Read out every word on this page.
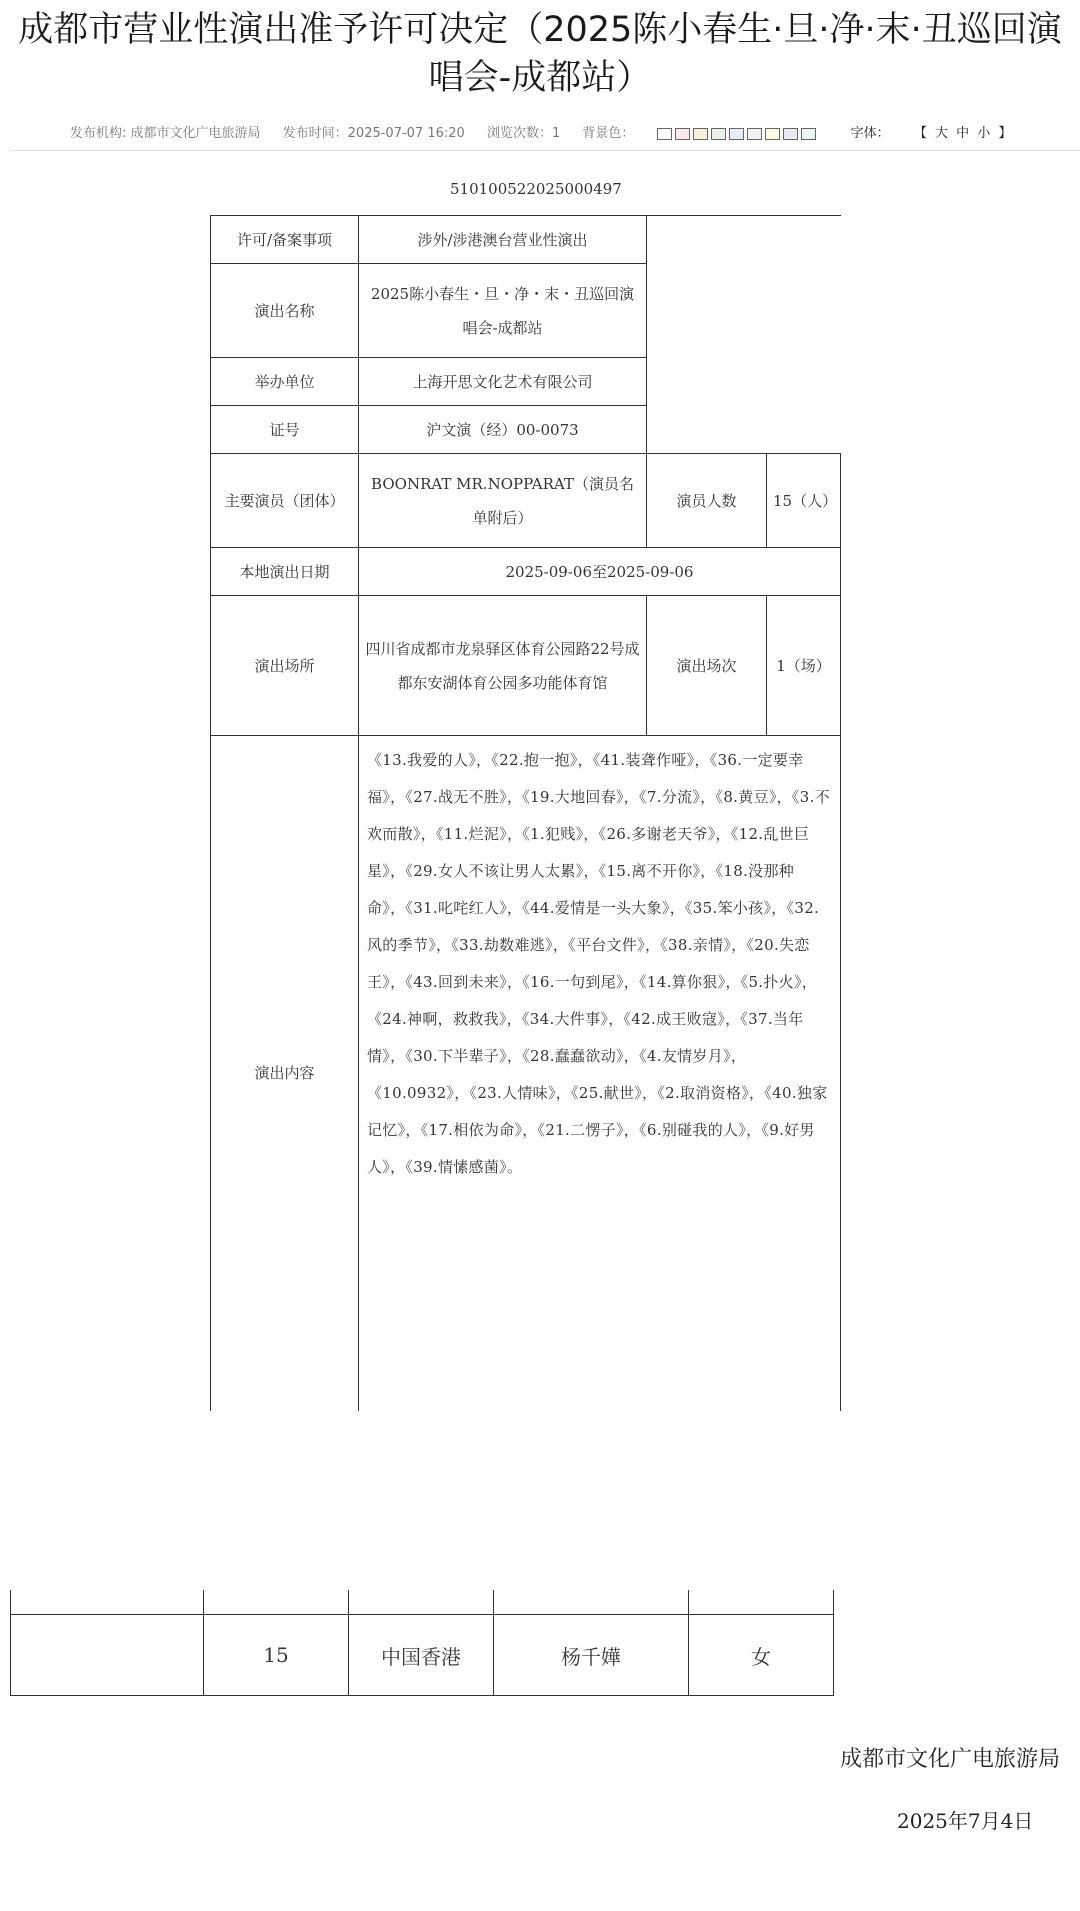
成都市营业性演出准予许可决定（2025陈小春生·旦·净·末·丑巡回演
唱会-成都站）
发布机构: 成都市文化广电旅游局 发布时间：2025-07-07 16:20 浏览次数：1 背景色：	字体： 【 大 中 小 】
510100522025000497
许可/备案事项	涉外/涉港澳台营业性演出		
演出名称	2025陈小春生・旦・净・末・丑巡回演唱会-成都站		
举办单位	上海开思文化艺术有限公司		
证号	沪文演（经）00-0073		
主要演员（团体）	BOONRAT MR.NOPPARAT（演员名单附后）	演员人数	15（人）
本地演出日期	2025-09-06至2025-09-06		
演出场所	四川省成都市龙泉驿区体育公园路22号成都东安湖体育公园多功能体育馆	演出场次	1（场）
演出内容	《13.我爱的人》，《22.抱一抱》，《41.装聋作哑》，《36.一定要幸福》，《27.战无不胜》，《19.大地回春》，《7.分流》，《8.黄豆》，《3.不欢而散》，《11.烂泥》，《1.犯贱》，《26.多谢老天爷》，《12.乱世巨星》，《29.女人不该让男人太累》，《15.离不开你》，《18.没那种命》，《31.叱咤红人》，《44.爱情是一头大象》，《35.笨小孩》，《32.风的季节》，《33.劫数难逃》，《平台文件》，《38.亲情》，《20.失恋王》，《43.回到未来》，《16.一句到尾》，《14.算你狠》，《5.扑火》，《24.神啊，救救我》，《34.大件事》，《42.成王败寇》，《37.当年情》，《30.下半辈子》，《28.蠢蠢欲动》，《4.友情岁月》，《10.0932》，《23.人情味》，《25.献世》，《2.取消资格》，《40.独家记忆》，《17.相依为命》，《21.二愣子》，《6.别碰我的人》，《9.好男人》，《39.情愫感菌》。		

	15	中国香港	杨千嬅	女
成都市文化广电旅游局
2025年7月4日
